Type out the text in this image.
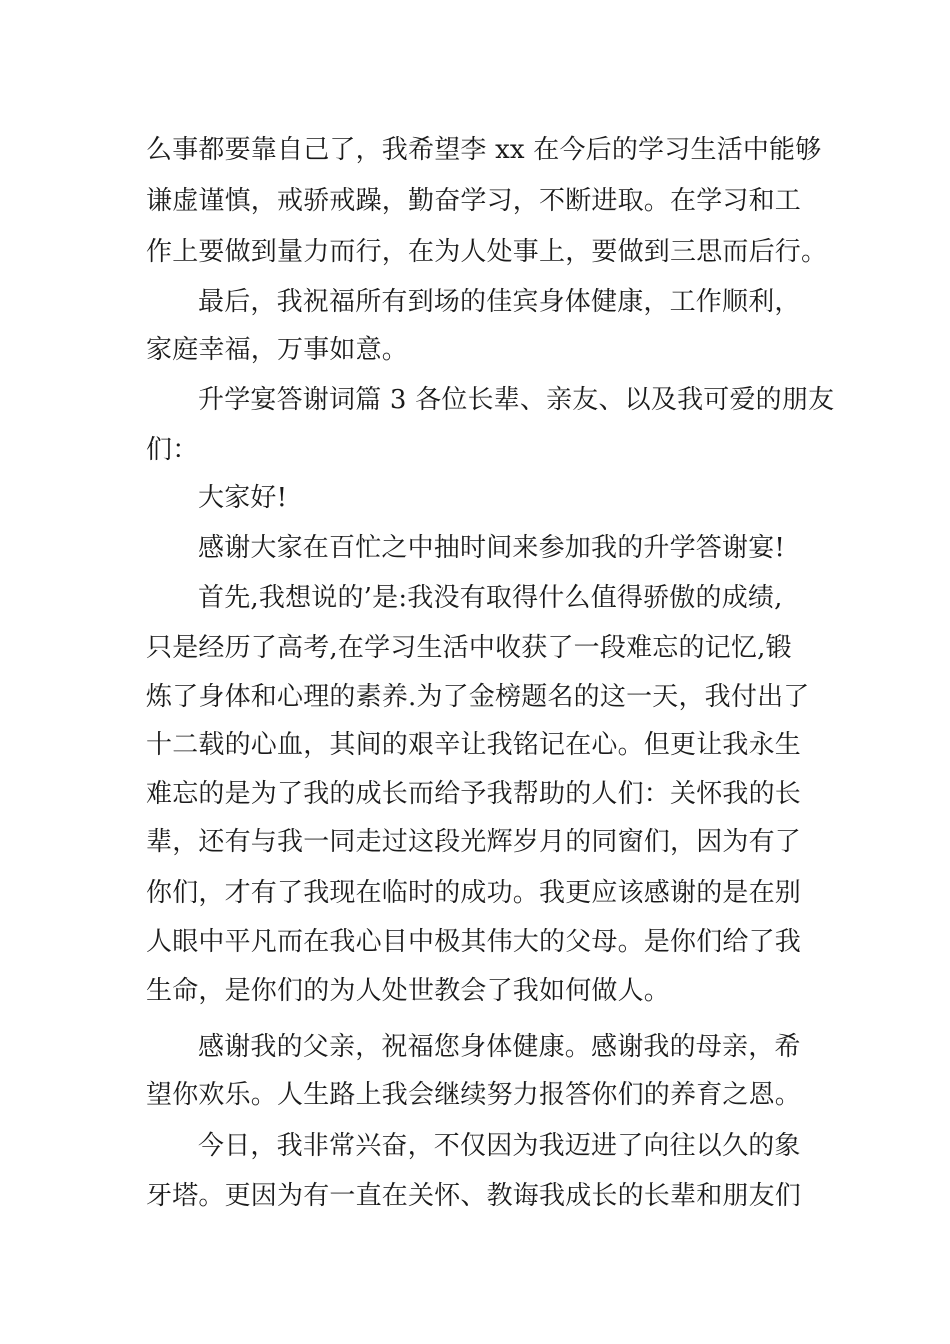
么事都要靠自己了，我希望李 xx 在今后的学习生活中能够
谦虚谨慎，戒骄戒躁，勤奋学习，不断进取。在学习和工
作上要做到量力而行，在为人处事上，要做到三思而后行。
最后，我祝福所有到场的佳宾身体健康，工作顺利，
家庭幸福，万事如意。
升学宴答谢词篇 3 各位长辈、亲友、以及我可爱的朋友
们：
大家好!
感谢大家在百忙之中抽时间来参加我的升学答谢宴!
首先,我想说的’是:我没有取得什么值得骄傲的成绩,
只是经历了高考,在学习生活中收获了一段难忘的记忆,锻
炼了身体和心理的素养.为了金榜题名的这一天，我付出了
十二载的心血，其间的艰辛让我铭记在心。但更让我永生
难忘的是为了我的成长而给予我帮助的人们：关怀我的长
辈，还有与我一同走过这段光辉岁月的同窗们，因为有了
你们，才有了我现在临时的成功。我更应该感谢的是在别
人眼中平凡而在我心目中极其伟大的父母。是你们给了我
生命，是你们的为人处世教会了我如何做人。
感谢我的父亲，祝福您身体健康。感谢我的母亲，希
望你欢乐。人生路上我会继续努力报答你们的养育之恩。
今日，我非常兴奋，不仅因为我迈进了向往以久的象
牙塔。更因为有一直在关怀、教诲我成长的长辈和朋友们
